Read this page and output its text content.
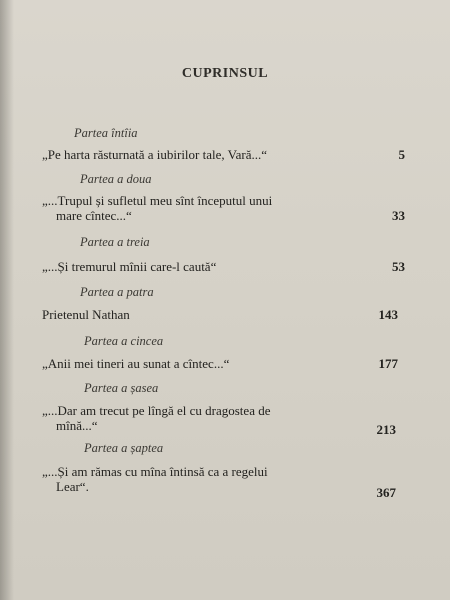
CUPRINSUL
Partea întîia
„Pe harta răsturnată a iubirilor tale, Vară...“	5
Partea a doua
„...Trupul și sufletul meu sînt începutul unui
mare cîntec...“	33
Partea a treia
„...Și tremurul mînii care-l caută“	53
Partea a patra
Prietenul Nathan	143
Partea a cincea
„Anii mei tineri au sunat a cîntec...“	177
Partea a șasea
„...Dar am trecut pe lîngă el cu dragostea de
mînă...“	213
Partea a șaptea
„...Și am rămas cu mîna întinsă ca a regelui
Lear“.	367
